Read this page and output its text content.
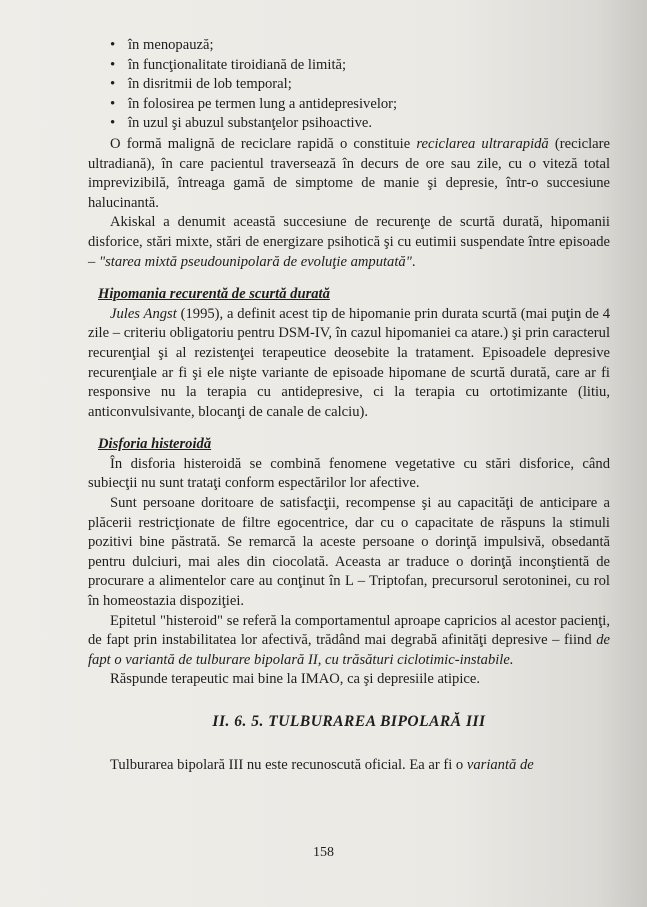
• în menopauză;
• în funcţionalitate tiroidiană de limită;
• în disritmii de lob temporal;
• în folosirea pe termen lung a antidepresivelor;
• în uzul şi abuzul substanţelor psihoactive.

O formă malignă de reciclare rapidă o constituie reciclarea ultrarapidă (reciclare ultradiană), în care pacientul traversează în decurs de ore sau zile, cu o viteză total imprevizibilă, întreaga gamă de simptome de manie şi depresie, într-o succesiune halucinantă.

Akiskal a denumit această succesiune de recurenţe de scurtă durată, hipomanii disforice, stări mixte, stări de energizare psihotică şi cu eutimii suspendate între episoade – "starea mixtă pseudounipolară de evoluţie amputată".

Hipomania recurentă de scurtă durată

Jules Angst (1995), a definit acest tip de hipomanie prin durata scurtă (mai puţin de 4 zile – criteriu obligatoriu pentru DSM-IV, în cazul hipomaniei ca atare.) şi prin caracterul recurenţial şi al rezistenţei terapeutice deosebite la tratament. Episoadele depresive recurenţiale ar fi şi ele nişte variante de episoade hipomane de scurtă durată, care ar fi responsive nu la terapia cu antidepresive, ci la terapia cu ortotimizante (litiu, anticonvulsivante, blocanţi de canale de calciu).

Disforia histeroidă

În disforia histeroidă se combină fenomene vegetative cu stări disforice, când subiecţii nu sunt trataţi conform espectărilor lor afective.

Sunt persoane doritoare de satisfacţii, recompense şi au capacităţi de anticipare a plăcerii restricţionate de filtre egocentrice, dar cu o capacitate de răspuns la stimuli pozitivi bine păstrată. Se remarcă la aceste persoane o dorinţă impulsivă, obsedantă pentru dulciuri, mai ales din ciocolată. Aceasta ar traduce o dorinţă inconştientă de procurare a alimentelor care au conţinut în L – Triptofan, precursorul serotoninei, cu rol în homeostazia dispoziţiei.

Epitetul "histeroid" se referă la comportamentul aproape capricios al acestor pacienţi, de fapt prin instabilitatea lor afectivă, trădând mai degrabă afinităţi depresive – fiind de fapt o variantă de tulburare bipolară II, cu trăsături ciclotimic-instabile.

Răspunde terapeutic mai bine la IMAO, ca şi depresiile atipice.

II. 6. 5. TULBURAREA BIPOLARĂ III

Tulburarea bipolară III nu este recunoscută oficial. Ea ar fi o variantă de

158
